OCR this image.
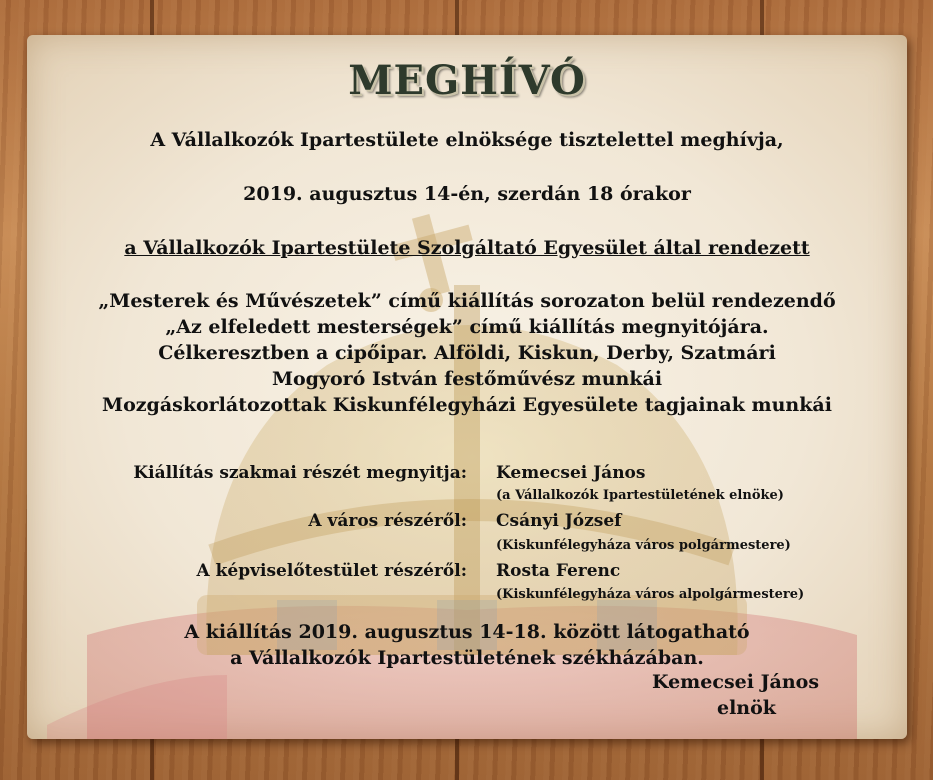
MEGHÍVÓ
A Vállalkozók Ipartestülete elnöksége tisztelettel meghívja,
2019. augusztus 14-én, szerdán 18 órakor
a Vállalkozók Ipartestülete Szolgáltató Egyesület által rendezett
„Mesterek és Művészetek” című kiállítás sorozaton belül rendezendő
„Az elfeledett mesterségek” című kiállítás megnyitójára.
Célkeresztben a cipőipar. Alföldi, Kiskun, Derby, Szatmári
Mogyoró István festőművész munkái
Mozgáskorlátozottak Kiskunfélegyházi Egyesülete tagjainak munkái
Kiállítás szakmai részét megnyitja: Kemecsei János
(a Vállalkozók Ipartestületének elnöke)
A város részéről: Csányi József
(Kiskunfélegyháza város polgármestere)
A képviselőtestület részéről: Rosta Ferenc
(Kiskunfélegyháza város alpolgármestere)
A kiállítás 2019. augusztus 14-18. között látogatható
a Vállalkozók Ipartestületének székházában.
Kemecsei János
elnök
